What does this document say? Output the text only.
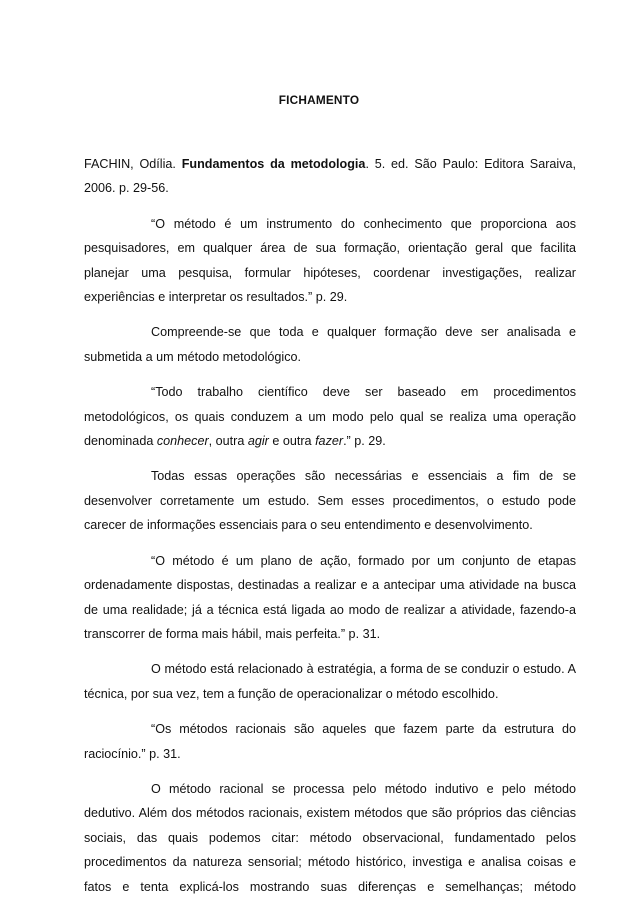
FICHAMENTO

FACHIN, Odília. Fundamentos da metodologia. 5. ed. São Paulo: Editora Saraiva, 2006. p. 29-56.

“O método é um instrumento do conhecimento que proporciona aos pesquisadores, em qualquer área de sua formação, orientação geral que facilita planejar uma pesquisa, formular hipóteses, coordenar investigações, realizar experiências e interpretar os resultados.” p. 29.

Compreende-se que toda e qualquer formação deve ser analisada e submetida a um método metodológico.

“Todo trabalho científico deve ser baseado em procedimentos metodológicos, os quais conduzem a um modo pelo qual se realiza uma operação denominada conhecer, outra agir e outra fazer.” p. 29.

Todas essas operações são necessárias e essenciais a fim de se desenvolver corretamente um estudo. Sem esses procedimentos, o estudo pode carecer de informações essenciais para o seu entendimento e desenvolvimento.

“O método é um plano de ação, formado por um conjunto de etapas ordenadamente dispostas, destinadas a realizar e a antecipar uma atividade na busca de uma realidade; já a técnica está ligada ao modo de realizar a atividade, fazendo-a transcorrer de forma mais hábil, mais perfeita.” p. 31.

O método está relacionado à estratégia, a forma de se conduzir o estudo. A técnica, por sua vez, tem a função de operacionalizar o método escolhido.

“Os métodos racionais são aqueles que fazem parte da estrutura do raciocínio.” p. 31.

O método racional se processa pelo método indutivo e pelo método dedutivo. Além dos métodos racionais, existem métodos que são próprios das ciências sociais, das quais podemos citar: método observacional, fundamentado pelos procedimentos da natureza sensorial; método histórico, investiga e analisa coisas e fatos e tenta explicá-los mostrando suas diferenças e semelhanças; método
